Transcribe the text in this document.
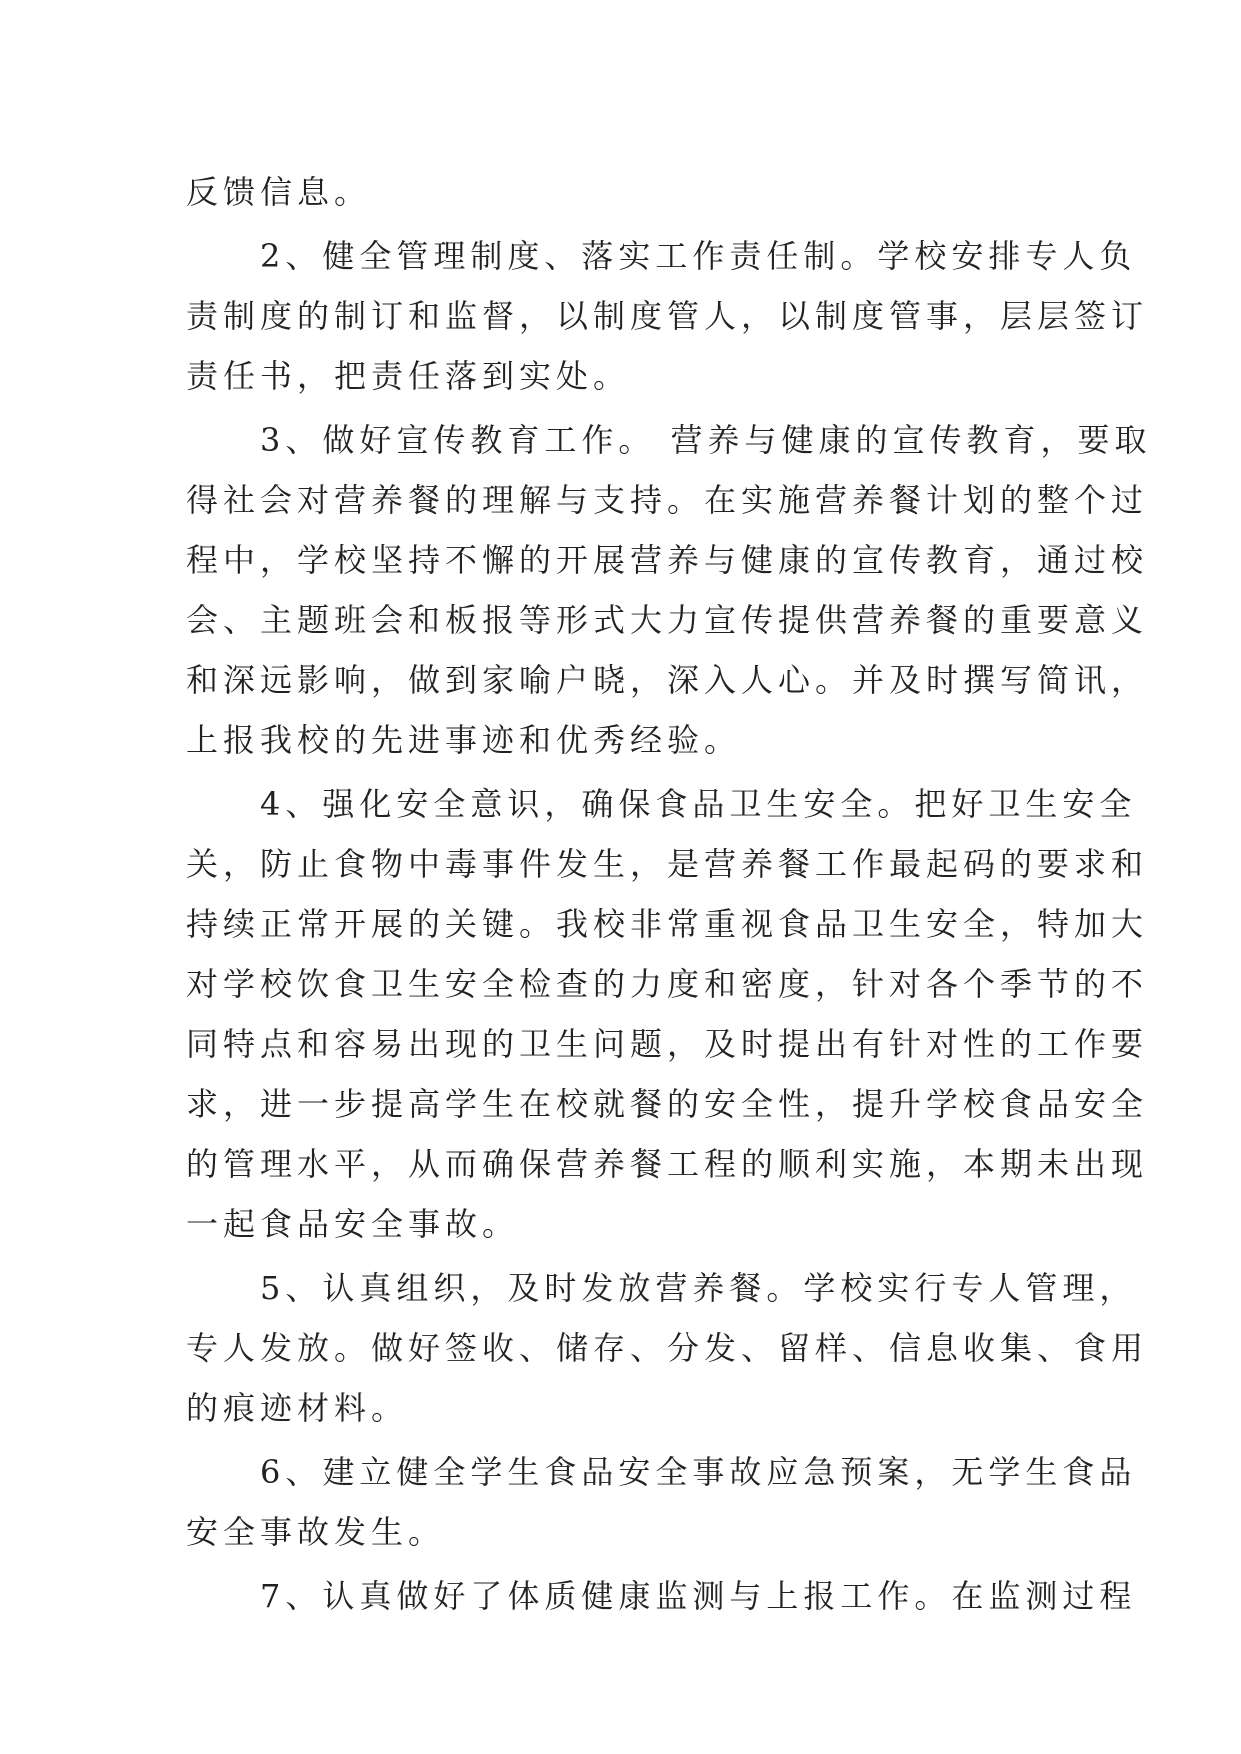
反馈信息。
　　2、健全管理制度、落实工作责任制。学校安排专人负
责制度的制订和监督，以制度管人，以制度管事，层层签订
责任书，把责任落到实处。
　　3、做好宣传教育工作。 营养与健康的宣传教育，要取
得社会对营养餐的理解与支持。在实施营养餐计划的整个过
程中，学校坚持不懈的开展营养与健康的宣传教育，通过校
会、主题班会和板报等形式大力宣传提供营养餐的重要意义
和深远影响，做到家喻户晓，深入人心。并及时撰写简讯，
上报我校的先进事迹和优秀经验。
　　4、强化安全意识，确保食品卫生安全。把好卫生安全
关，防止食物中毒事件发生，是营养餐工作最起码的要求和
持续正常开展的关键。我校非常重视食品卫生安全，特加大
对学校饮食卫生安全检查的力度和密度，针对各个季节的不
同特点和容易出现的卫生问题，及时提出有针对性的工作要
求，进一步提高学生在校就餐的安全性，提升学校食品安全
的管理水平，从而确保营养餐工程的顺利实施，本期未出现
一起食品安全事故。
　　5、认真组织，及时发放营养餐。学校实行专人管理，
专人发放。做好签收、储存、分发、留样、信息收集、食用
的痕迹材料。
　　6、建立健全学生食品安全事故应急预案，无学生食品
安全事故发生。
　　7、认真做好了体质健康监测与上报工作。在监测过程
